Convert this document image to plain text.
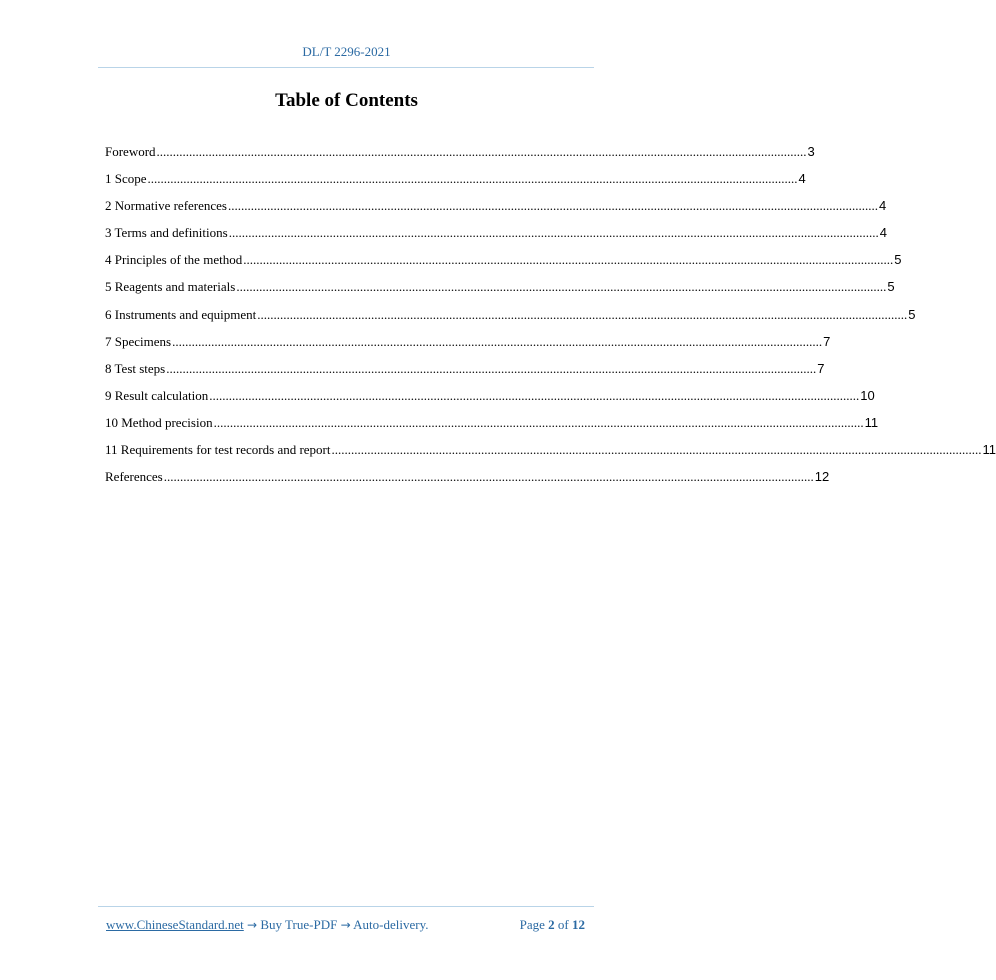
DL/T 2296-2021
Table of Contents
Foreword ........................................................................................................................................................................................................ 3
1 Scope ........................................................................................................................................................................................................ 4
2 Normative references ........................................................................................................................................................................................................ 4
3 Terms and definitions ........................................................................................................................................................................................................ 4
4 Principles of the method ........................................................................................................................................................................................................ 5
5 Reagents and materials ........................................................................................................................................................................................................ 5
6 Instruments and equipment ........................................................................................................................................................................................................ 5
7 Specimens ........................................................................................................................................................................................................ 7
8 Test steps ........................................................................................................................................................................................................ 7
9 Result calculation ........................................................................................................................................................................................................ 10
10 Method precision ........................................................................................................................................................................................................ 11
11 Requirements for test records and report ........................................................................................................................................................................................................ 11
References ........................................................................................................................................................................................................ 12
www.ChineseStandard.net → Buy True-PDF → Auto-delivery.	Page 2 of 12
